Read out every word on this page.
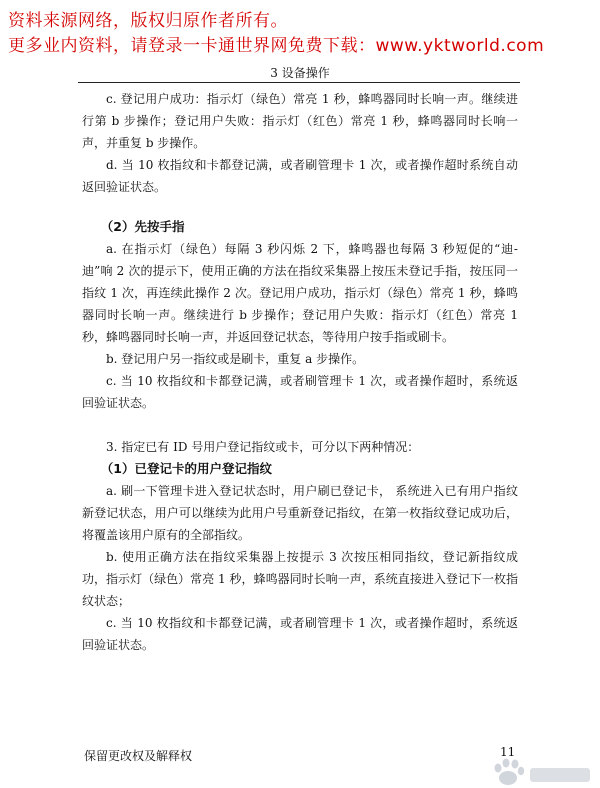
资料来源网络，版权归原作者所有。
更多业内资料，请登录一卡通世界网免费下载：www.yktworld.com
3 设备操作

c. 登记用户成功：指示灯（绿色）常亮 1 秒，蜂鸣器同时长响一声。继续进行第 b 步操作；登记用户失败：指示灯（红色）常亮 1 秒，蜂鸣器同时长响一声，并重复 b 步操作。

d. 当 10 枚指纹和卡都登记满，或者刷管理卡 1 次，或者操作超时系统自动返回验证状态。

（2）先按手指

a. 在指示灯（绿色）每隔 3 秒闪烁 2 下，蜂鸣器也每隔 3 秒短促的“迪-迪”响 2 次的提示下，使用正确的方法在指纹采集器上按压未登记手指，按压同一指纹 1 次，再连续此操作 2 次。登记用户成功，指示灯（绿色）常亮 1 秒，蜂鸣器同时长响一声。继续进行 b 步操作；登记用户失败：指示灯（红色）常亮 1 秒，蜂鸣器同时长响一声，并返回登记状态，等待用户按手指或刷卡。

b. 登记用户另一指纹或是刷卡，重复 a 步操作。

c. 当 10 枚指纹和卡都登记满，或者刷管理卡 1 次，或者操作超时，系统返回验证状态。

3. 指定已有 ID 号用户登记指纹或卡，可分以下两种情况：

（1）已登记卡的用户登记指纹

a. 刷一下管理卡进入登记状态时，用户刷已登记卡， 系统进入已有用户指纹新登记状态，用户可以继续为此用户号重新登记指纹，在第一枚指纹登记成功后，将覆盖该用户原有的全部指纹。

b. 使用正确方法在指纹采集器上按提示 3 次按压相同指纹，登记新指纹成功，指示灯（绿色）常亮 1 秒，蜂鸣器同时长响一声，系统直接进入登记下一枚指纹状态；

c. 当 10 枚指纹和卡都登记满，或者刷管理卡 1 次，或者操作超时，系统返回验证状态。

保留更改权及解释权	11
